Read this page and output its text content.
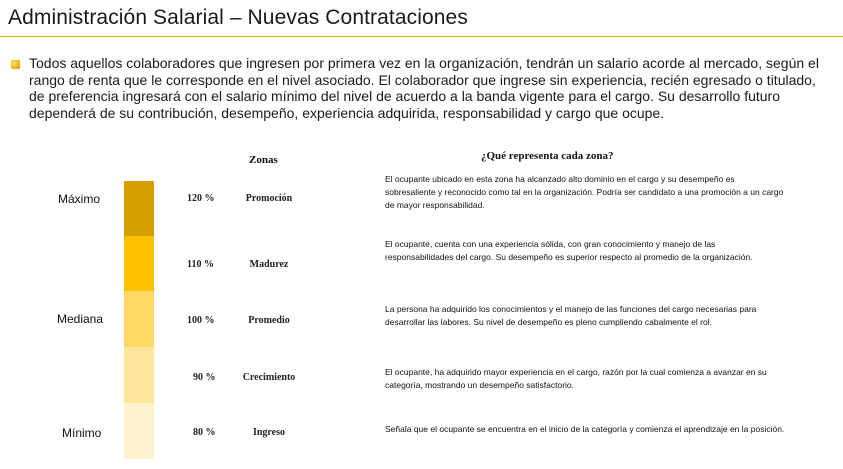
Administración Salarial – Nuevas Contrataciones
Todos aquellos colaboradores que ingresen por primera vez en la organización, tendrán un salario acorde al mercado, según el rango de renta que le corresponde en el nivel asociado. El colaborador que ingrese sin experiencia, recién egresado o titulado, de preferencia ingresará con el salario mínimo del nivel de acuerdo a la banda vigente para el cargo. Su desarrollo futuro dependerá de su contribución, desempeño, experiencia adquirida, responsabilidad y cargo que ocupe.
Zonas	¿Qué representa cada zona?
Máximo
Mediana
Mínimo
120 %
110 %
100 %
90 %
80 %
Promoción
Madurez
Promedio
Crecimiento
Ingreso
El ocupante ubicado en esta zona ha alcanzado alto dominio en el cargo y su desempeño es sobresaliente y reconocido como tal en la organización. Podría ser candidato a una promoción a un cargo de mayor responsabilidad.
El ocupante, cuenta con una experiencia sólida, con gran conocimiento y manejo de las responsabilidades del cargo. Su desempeño es superior respecto al promedio de la organización.
La persona ha adquirido los conocimientos y el manejo de las funciones del cargo necesarias para desarrollar las labores. Su nivel de desempeño es pleno cumpliendo cabalmente el rol.
El ocupante, ha adquirido mayor experiencia en el cargo, razón por la cual comienza a avanzar en su categoría, mostrando un desempeño satisfactorio.
Señala que el ocupante se encuentra en el inicio de la categoría y comienza el aprendizaje en la posición.
